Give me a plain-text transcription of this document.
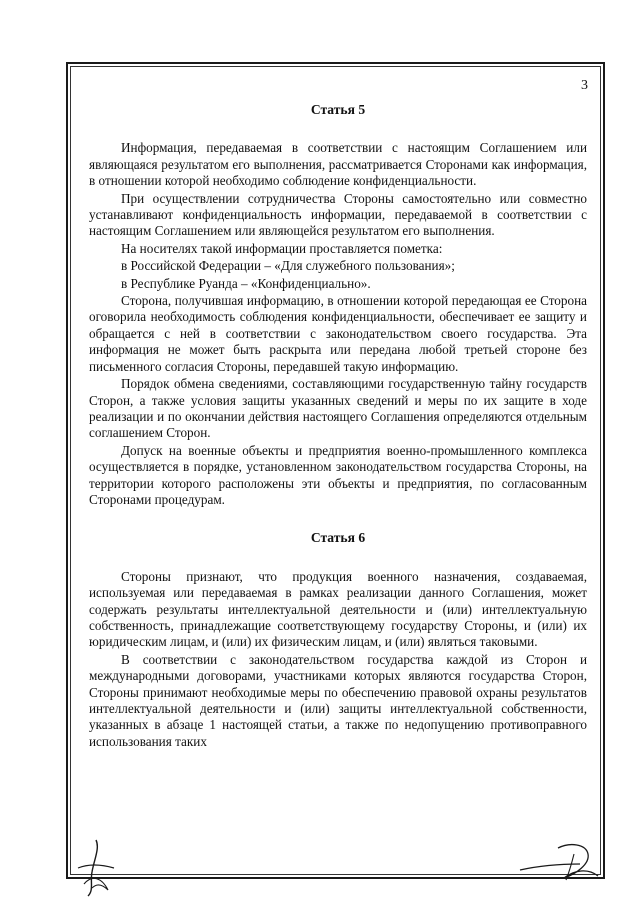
3
Статья 5

Информация, передаваемая в соответствии с настоящим Соглашением или являющаяся результатом его выполнения, рассматривается Сторонами как информация, в отношении которой необходимо соблюдение конфиденциальности.

При осуществлении сотрудничества Стороны самостоятельно или совместно устанавливают конфиденциальность информации, передаваемой в соответствии с настоящим Соглашением или являющейся результатом его выполнения.

На носителях такой информации проставляется пометка:

в Российской Федерации – «Для служебного пользования»;

в Республике Руанда – «Конфиденциально».

Сторона, получившая информацию, в отношении которой передающая ее Сторона оговорила необходимость соблюдения конфиденциальности, обеспечивает ее защиту и обращается с ней в соответствии с законодательством своего государства. Эта информация не может быть раскрыта или передана любой третьей стороне без письменного согласия Стороны, передавшей такую информацию.

Порядок обмена сведениями, составляющими государственную тайну государств Сторон, а также условия защиты указанных сведений и меры по их защите в ходе реализации и по окончании действия настоящего Соглашения определяются отдельным соглашением Сторон.

Допуск на военные объекты и предприятия военно-промышленного комплекса осуществляется в порядке, установленном законодательством государства Стороны, на территории которого расположены эти объекты и предприятия, по согласованным Сторонами процедурам.

Статья 6

Стороны признают, что продукция военного назначения, создаваемая, используемая или передаваемая в рамках реализации данного Соглашения, может содержать результаты интеллектуальной деятельности и (или) интеллектуальную собственность, принадлежащие соответствующему государству Стороны, и (или) их юридическим лицам, и (или) их физическим лицам, и (или) являться таковыми.

В соответствии с законодательством государства каждой из Сторон и международными договорами, участниками которых являются государства Сторон, Стороны принимают необходимые меры по обеспечению правовой охраны результатов интеллектуальной деятельности и (или) защиты интеллектуальной собственности, указанных в абзаце 1 настоящей статьи, а также по недопущению противоправного использования таких
